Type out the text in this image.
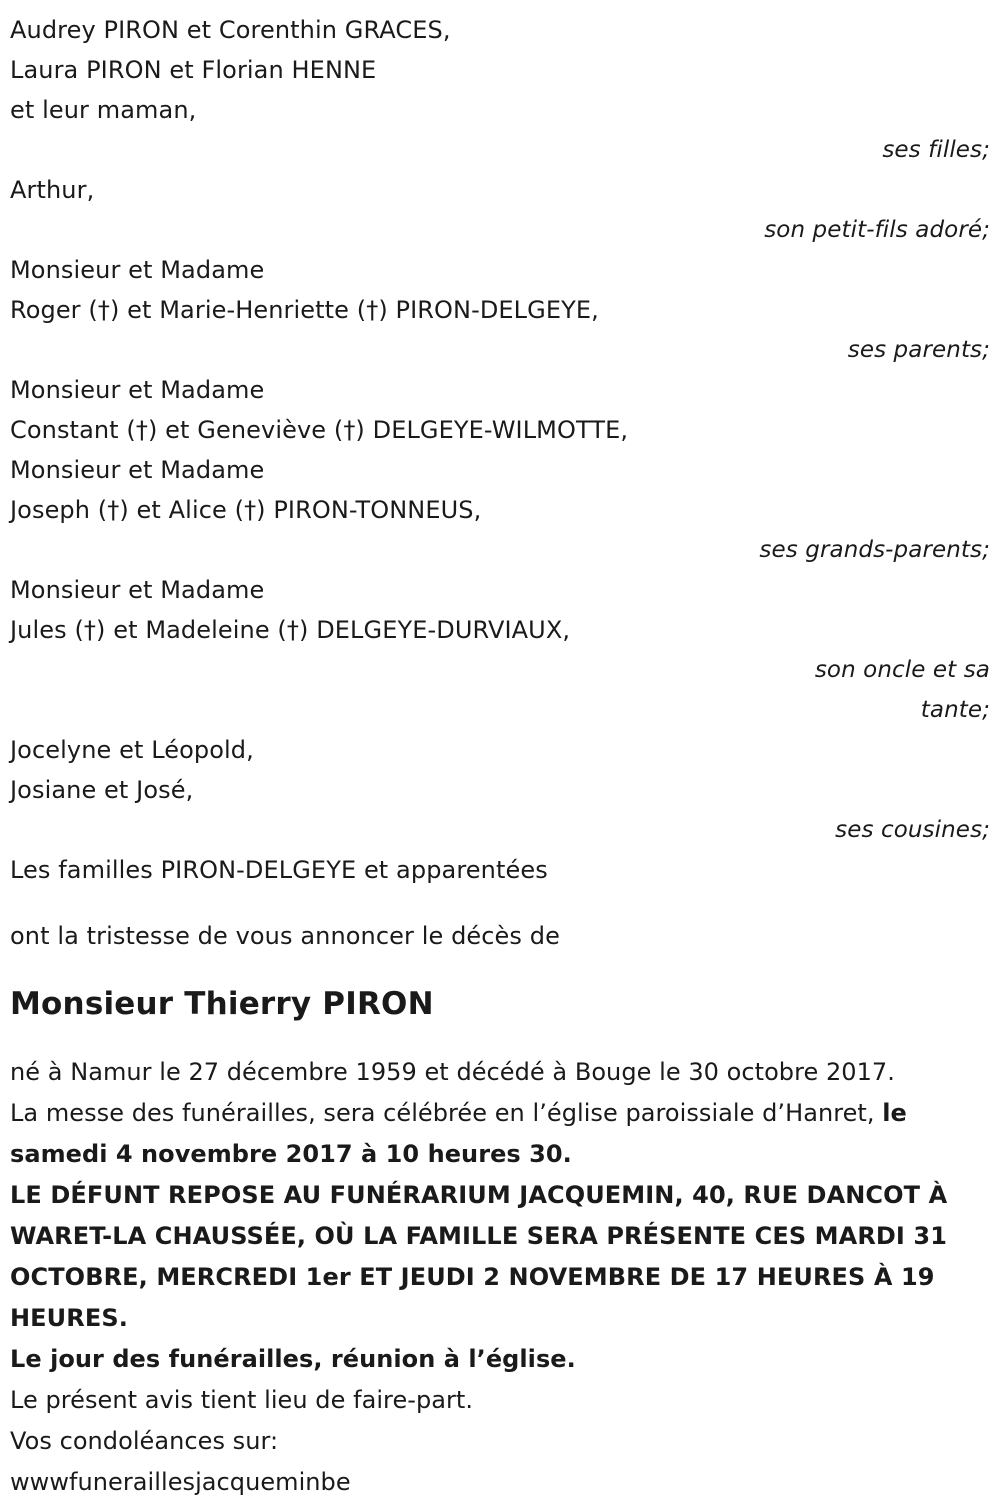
Audrey PIRON et Corenthin GRACES,
Laura PIRON et Florian HENNE
et leur maman,
ses filles;
Arthur,
son petit-fils adoré;
Monsieur et Madame
Roger (†) et Marie-Henriette (†) PIRON-DELGEYE,
ses parents;
Monsieur et Madame
Constant (†) et Geneviève (†) DELGEYE-WILMOTTE,
Monsieur et Madame
Joseph (†) et Alice (†) PIRON-TONNEUS,
ses grands-parents;
Monsieur et Madame
Jules (†) et Madeleine (†) DELGEYE-DURVIAUX,
son oncle et sa
tante;
Jocelyne et Léopold,
Josiane et José,
ses cousines;
Les familles PIRON-DELGEYE et apparentées
ont la tristesse de vous annoncer le décès de
Monsieur Thierry PIRON
né à Namur le 27 décembre 1959 et décédé à Bouge le 30 octobre 2017.
La messe des funérailles, sera célébrée en l’église paroissiale d’Hanret, le samedi 4 novembre 2017 à 10 heures 30.
LE DÉFUNT REPOSE AU FUNÉRARIUM JACQUEMIN, 40, RUE DANCOT À WARET-LA CHAUSSÉE, OÙ LA FAMILLE SERA PRÉSENTE CES MARDI 31 OCTOBRE, MERCREDI 1er ET JEUDI 2 NOVEMBRE DE 17 HEURES À 19 HEURES.
Le jour des funérailles, réunion à l’église.
Le présent avis tient lieu de faire-part.
Vos condoléances sur:
wwwfuneraillesjacqueminbe
